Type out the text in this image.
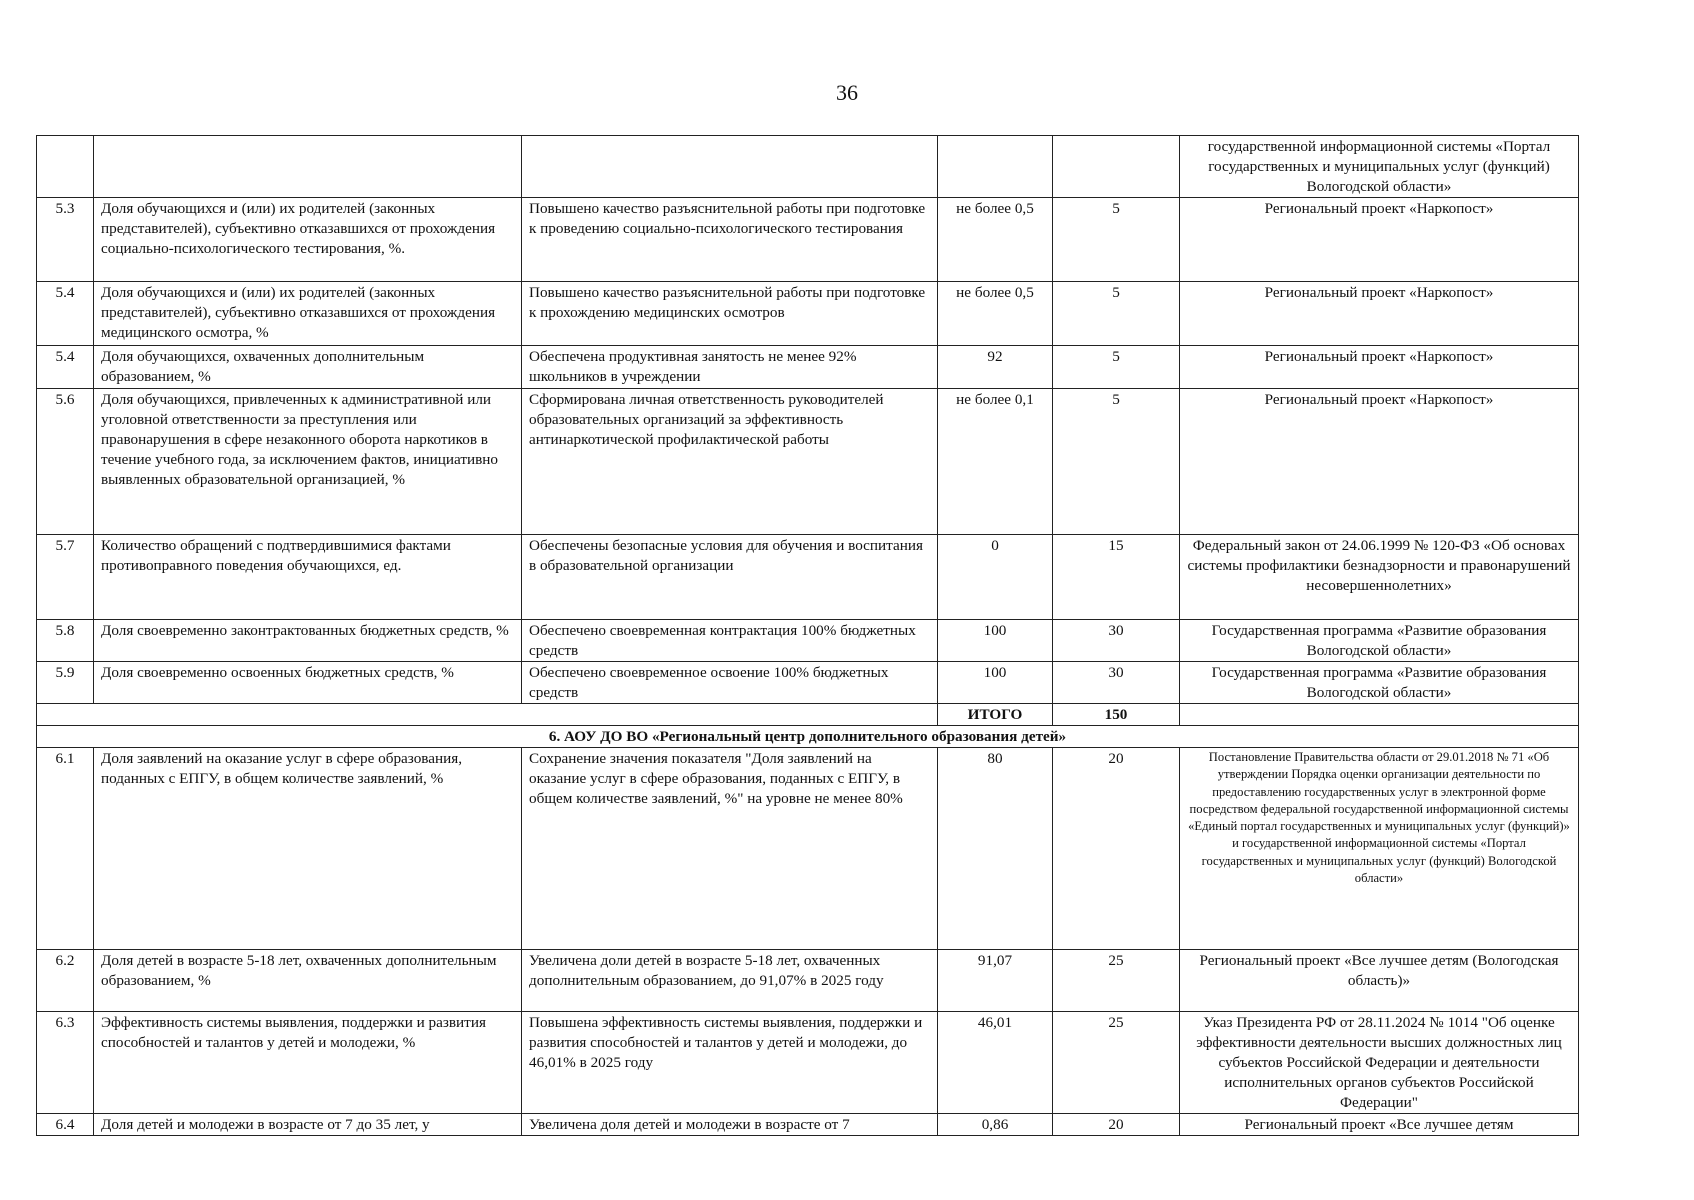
36
					государственной информационной системы «Портал государственных и муниципальных услуг (функций) Вологодской области»
5.3	Доля обучающихся и (или) их родителей (законных представителей), субъективно отказавшихся от прохождения социально-психологического тестирования, %.	Повышено качество разъяснительной работы при подготовке к проведению социально-психологического тестирования	не более 0,5	5	Региональный проект «Наркопост»
5.4	Доля обучающихся и (или) их родителей (законных представителей), субъективно отказавшихся от прохождения медицинского осмотра, %	Повышено качество разъяснительной работы при подготовке к прохождению медицинских осмотров	не более 0,5	5	Региональный проект «Наркопост»
5.4	Доля обучающихся, охваченных дополнительным образованием, %	Обеспечена продуктивная занятость не менее 92% школьников в учреждении	92	5	Региональный проект «Наркопост»
5.6	Доля обучающихся, привлеченных к административной или уголовной ответственности за преступления или правонарушения в сфере незаконного оборота наркотиков в течение учебного года, за исключением фактов, инициативно выявленных образовательной организацией, %	Сформирована личная ответственность руководителей образовательных организаций за эффективность антинаркотической профилактической работы	не более 0,1	5	Региональный проект «Наркопост»
5.7	Количество обращений с подтвердившимися фактами противоправного поведения обучающихся, ед.	Обеспечены безопасные условия для обучения и воспитания в образовательной организации	0	15	Федеральный закон от 24.06.1999 № 120-ФЗ «Об основах системы профилактики безнадзорности и правонарушений несовершеннолетних»
5.8	Доля своевременно законтрактованных бюджетных средств, %	Обеспечено своевременная контрактация 100% бюджетных средств	100	30	Государственная программа «Развитие образования Вологодской области»
5.9	Доля своевременно освоенных бюджетных средств, %	Обеспечено своевременное освоение 100% бюджетных средств	100	30	Государственная программа «Развитие образования Вологодской области»
			ИТОГО	150	
6. АОУ ДО ВО «Региональный центр дополнительного образования детей»					
6.1	Доля заявлений на оказание услуг в сфере образования, поданных с ЕПГУ, в общем количестве заявлений, %	Сохранение значения показателя "Доля заявлений на оказание услуг в сфере образования, поданных с ЕПГУ, в общем количестве заявлений, %" на уровне не менее 80%	80	20	Постановление Правительства области от 29.01.2018 № 71 «Об утверждении Порядка оценки организации деятельности по предоставлению государственных услуг в электронной форме посредством федеральной государственной информационной системы «Единый портал государственных и муниципальных услуг (функций)» и государственной информационной системы «Портал государственных и муниципальных услуг (функций) Вологодской области»
6.2	Доля детей в возрасте 5-18 лет, охваченных дополнительным образованием, %	Увеличена доли детей в возрасте 5-18 лет, охваченных дополнительным образованием, до 91,07% в 2025 году	91,07	25	Региональный проект «Все лучшее детям (Вологодская область)»
6.3	Эффективность системы выявления, поддержки и развития способностей и талантов у детей и молодежи, %	Повышена эффективность системы выявления, поддержки и развития способностей и талантов у детей и молодежи, до 46,01% в 2025 году	46,01	25	Указ Президента РФ от 28.11.2024 № 1014 "Об оценке эффективности деятельности высших должностных лиц субъектов Российской Федерации и деятельности исполнительных органов субъектов Российской Федерации"
6.4	Доля детей и молодежи в возрасте от 7 до 35 лет, у	Увеличена доля детей и молодежи в возрасте от 7	0,86	20	Региональный проект «Все лучшее детям
